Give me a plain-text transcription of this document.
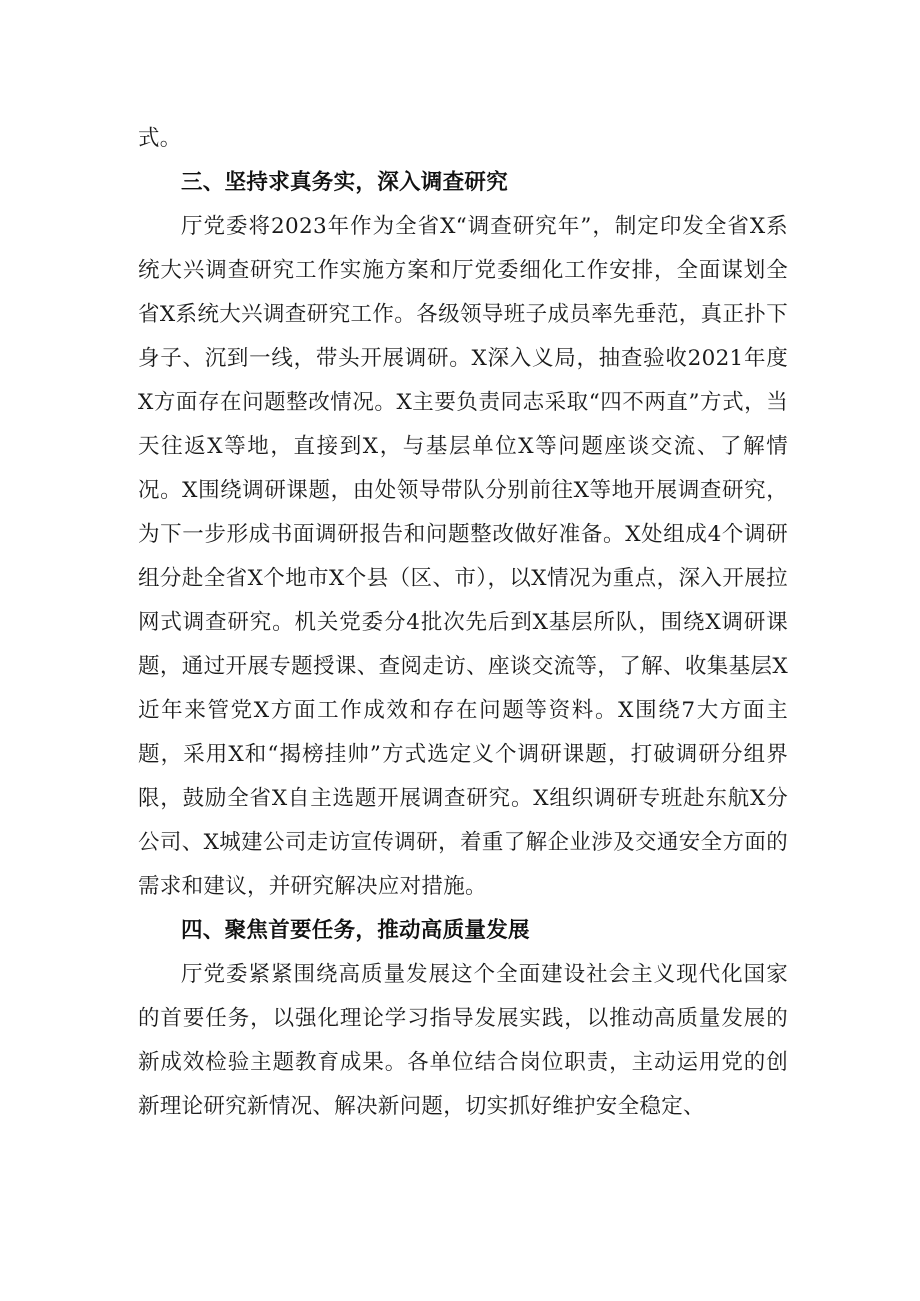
式。

三、坚持求真务实，深入调查研究

厅党委将2023年作为全省X“调查研究年”，制定印发全省X系统大兴调查研究工作实施方案和厅党委细化工作安排，全面谋划全省X系统大兴调查研究工作。各级领导班子成员率先垂范，真正扑下身子、沉到一线，带头开展调研。X深入义局，抽查验收2021年度X方面存在问题整改情况。X主要负责同志采取“四不两直”方式，当天往返X等地，直接到X，与基层单位X等问题座谈交流、了解情况。X围绕调研课题，由处领导带队分别前往X等地开展调查研究，为下一步形成书面调研报告和问题整改做好准备。X处组成4个调研组分赴全省X个地市X个县（区、市），以X情况为重点，深入开展拉网式调查研究。机关党委分4批次先后到X基层所队，围绕X调研课题，通过开展专题授课、查阅走访、座谈交流等，了解、收集基层X近年来管党X方面工作成效和存在问题等资料。X围绕7大方面主题，采用X和“揭榜挂帅”方式选定义个调研课题，打破调研分组界限，鼓励全省X自主选题开展调查研究。X组织调研专班赴东航X分公司、X城建公司走访宣传调研，着重了解企业涉及交通安全方面的需求和建议，并研究解决应对措施。

四、聚焦首要任务，推动高质量发展

厅党委紧紧围绕高质量发展这个全面建设社会主义现代化国家的首要任务，以强化理论学习指导发展实践，以推动高质量发展的新成效检验主题教育成果。各单位结合岗位职责，主动运用党的创新理论研究新情况、解决新问题，切实抓好维护安全稳定、
